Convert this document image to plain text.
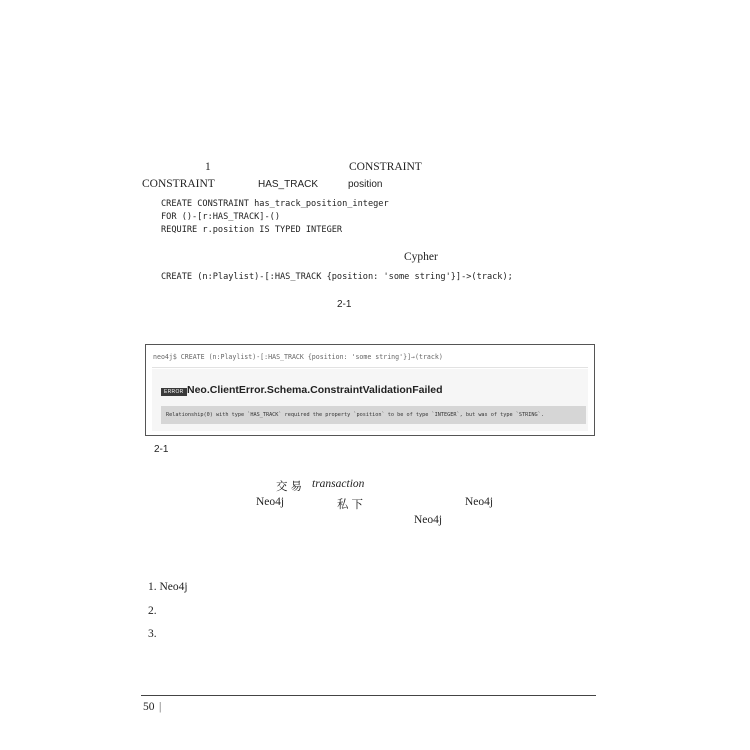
1	CONSTRAINT
CONSTRAINT	HAS_TRACK	position
CREATE CONSTRAINT has_track_position_integer
FOR ()-[r:HAS_TRACK]-()
REQUIRE r.position IS TYPED INTEGER
Cypher
CREATE (n:Playlist)-[:HAS_TRACK {position: 'some string'}]->(track);
2-1
neo4j$ CREATE (n:Playlist)-[:HAS_TRACK {position: 'some string'}]→(track)
ERROR Neo.ClientError.Schema.ConstraintValidationFailed
Relationship(0) with type `HAS_TRACK` required the property `position` to be of type `INTEGER`, but was of type `STRING`.
2-1
交易 transaction
Neo4j	私下	Neo4j
Neo4j
1. Neo4j
2.
3.
50 |
